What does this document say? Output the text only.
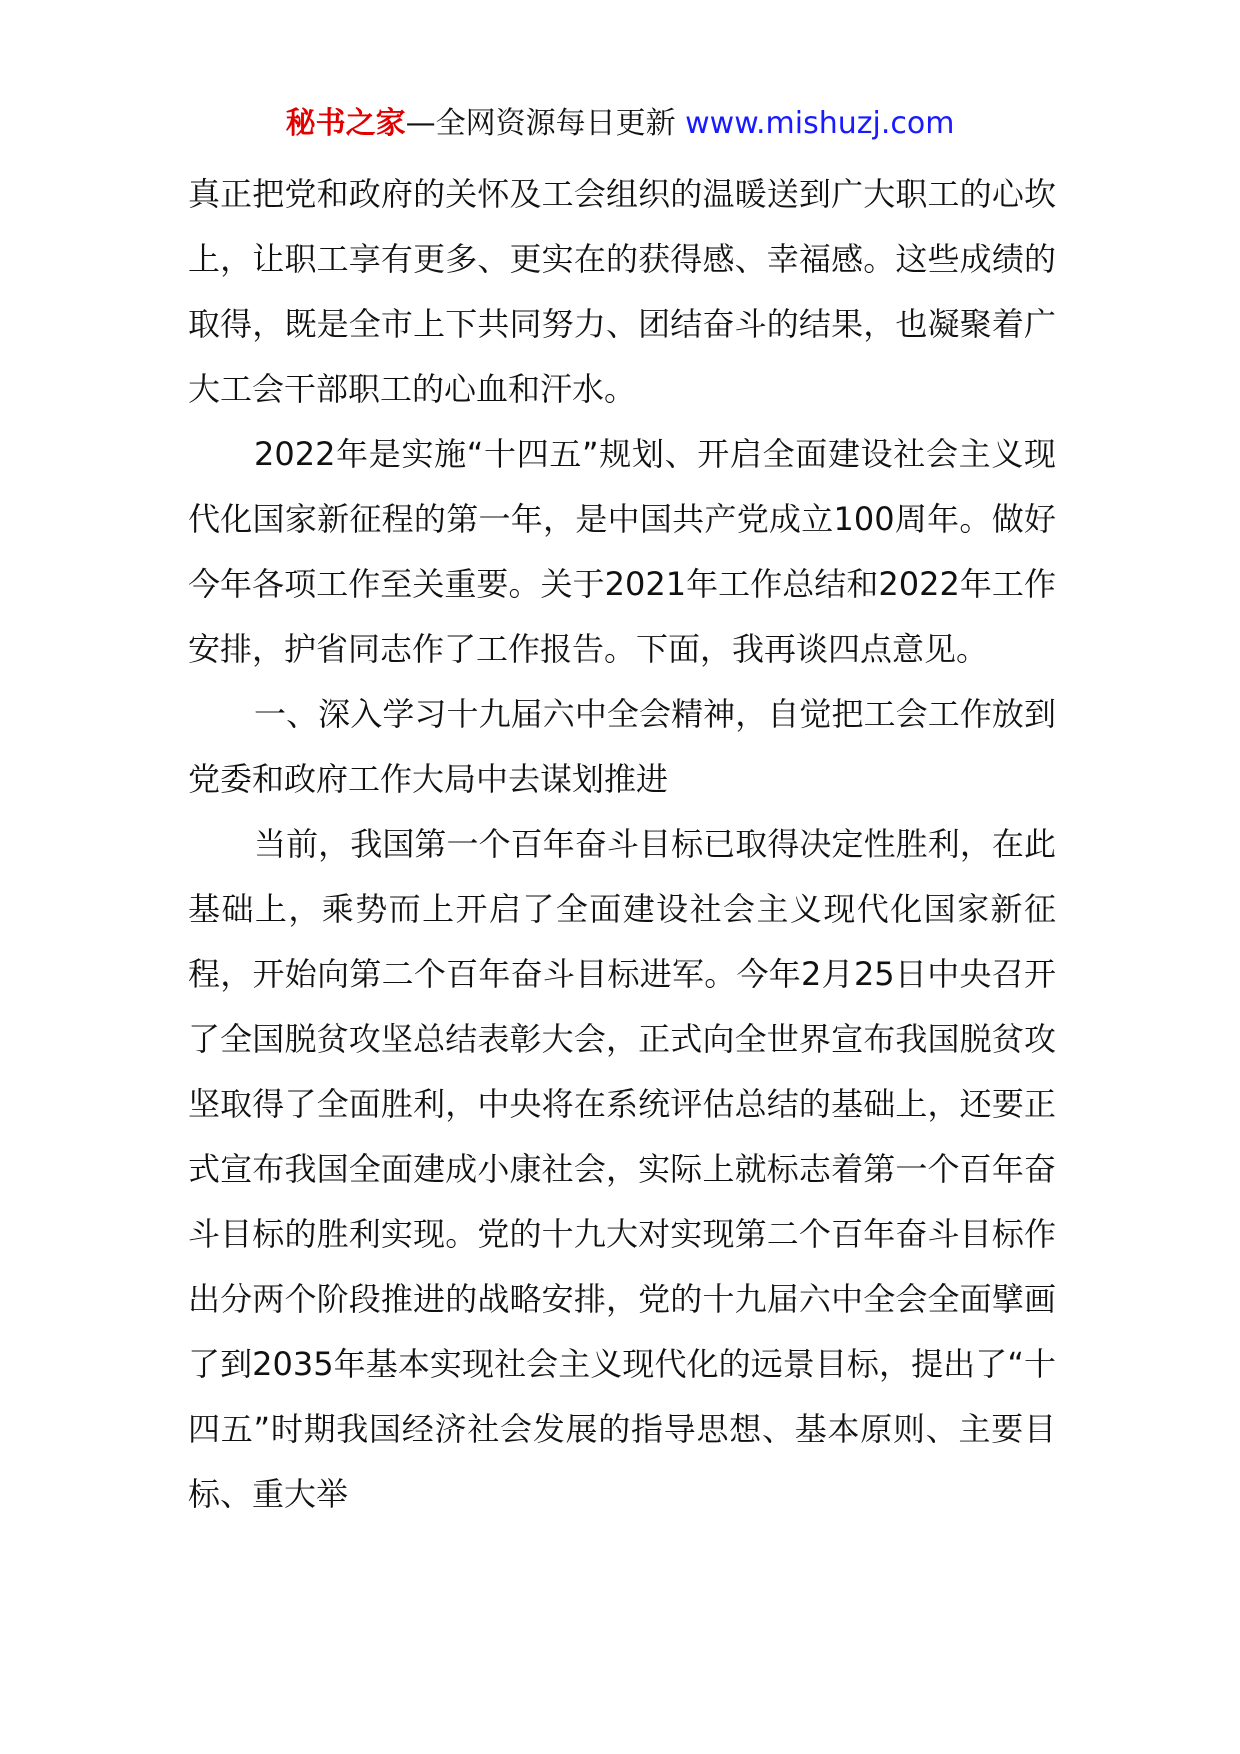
秘书之家—全网资源每日更新 www.mishuzj.com

真正把党和政府的关怀及工会组织的温暖送到广大职工的心坎上，让职工享有更多、更实在的获得感、幸福感。这些成绩的取得，既是全市上下共同努力、团结奋斗的结果，也凝聚着广大工会干部职工的心血和汗水。

2022年是实施“十四五”规划、开启全面建设社会主义现代化国家新征程的第一年，是中国共产党成立100周年。做好今年各项工作至关重要。关于2021年工作总结和2022年工作安排，护省同志作了工作报告。下面，我再谈四点意见。

一、深入学习十九届六中全会精神，自觉把工会工作放到党委和政府工作大局中去谋划推进

当前，我国第一个百年奋斗目标已取得决定性胜利，在此基础上，乘势而上开启了全面建设社会主义现代化国家新征程，开始向第二个百年奋斗目标进军。今年2月25日中央召开了全国脱贫攻坚总结表彰大会，正式向全世界宣布我国脱贫攻坚取得了全面胜利，中央将在系统评估总结的基础上，还要正式宣布我国全面建成小康社会，实际上就标志着第一个百年奋斗目标的胜利实现。党的十九大对实现第二个百年奋斗目标作出分两个阶段推进的战略安排，党的十九届六中全会全面擘画了到2035年基本实现社会主义现代化的远景目标，提出了“十四五”时期我国经济社会发展的指导思想、基本原则、主要目标、重大举
